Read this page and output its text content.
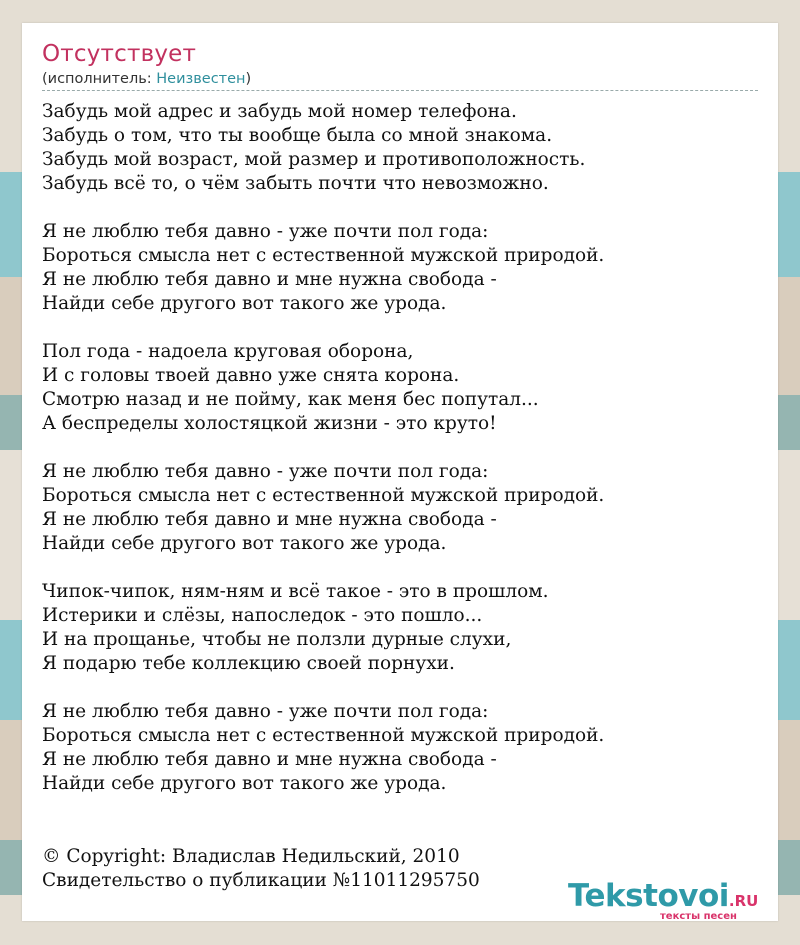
Отсутствует
(исполнитель: Неизвестен)
Забудь мой адрес и забудь мой номер телефона.
Забудь о том, что ты вообще была со мной знакома.
Забудь мой возраст, мой размер и противоположность.
Забудь всё то, о чём забыть почти что невозможно.
Я не люблю тебя давно - уже почти пол года:
Бороться смысла нет с естественной мужской природой.
Я не люблю тебя давно и мне нужна свобода -
Найди себе другого вот такого же урода.
Пол года - надоела круговая оборона,
И с головы твоей давно уже снята корона.
Смотрю назад и не пойму, как меня бес попутал...
А беспределы холостяцкой жизни - это круто!
Я не люблю тебя давно - уже почти пол года:
Бороться смысла нет с естественной мужской природой.
Я не люблю тебя давно и мне нужна свобода -
Найди себе другого вот такого же урода.
Чипок-чипок, ням-ням и всё такое - это в прошлом.
Истерики и слёзы, напоследок - это пошло...
И на прощанье, чтобы не ползли дурные слухи,
Я подарю тебе коллекцию своей порнухи.
Я не люблю тебя давно - уже почти пол года:
Бороться смысла нет с естественной мужской природой.
Я не люблю тебя давно и мне нужна свобода -
Найди себе другого вот такого же урода.
© Copyright: Владислав Недильский, 2010
Свидетельство о публикации №11011295750	Tekstovoi.RU
тексты песен
